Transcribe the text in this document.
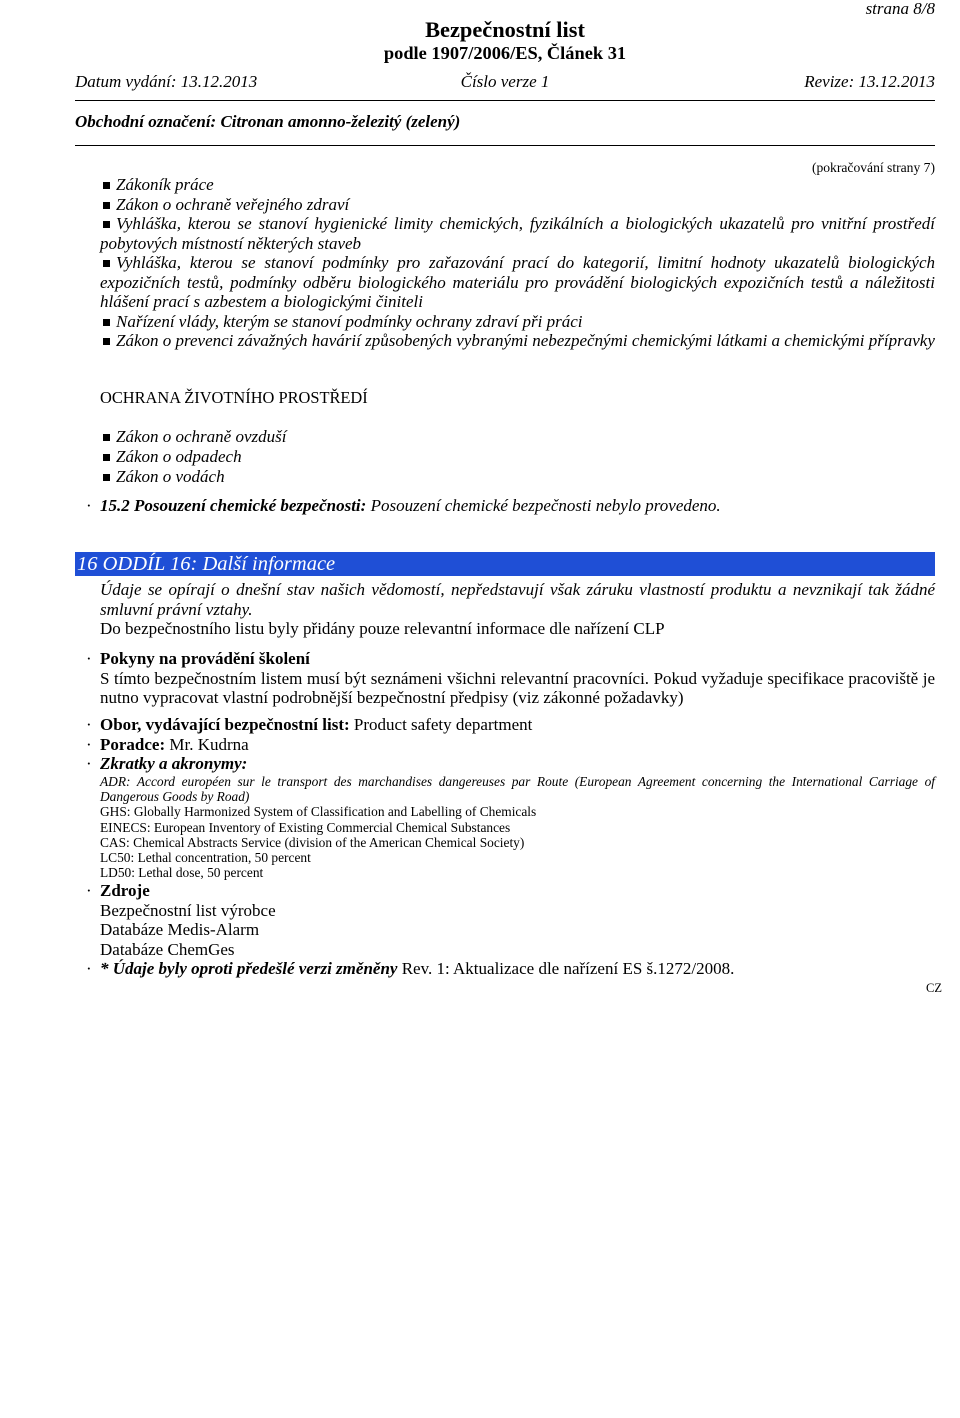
strana 8/8
Bezpečnostní list
podle 1907/2006/ES, Článek 31
Číslo verze 1
Datum vydání: 13.12.2013	Revize: 13.12.2013
Obchodní označení: Citronan amonno-železitý (zelený)
(pokračování strany 7)

Zákoník práce

Zákon o ochraně veřejného zdraví

Vyhláška, kterou se stanoví hygienické limity chemických, fyzikálních a biologických ukazatelů pro vnitřní prostředí pobytových místností některých staveb

Vyhláška, kterou se stanoví podmínky pro zařazování prací do kategorií, limitní hodnoty ukazatelů biologických expozičních testů, podmínky odběru biologického materiálu pro provádění biologických expozičních testů a náležitosti hlášení prací s azbestem a biologickými činiteli

Nařízení vlády, kterým se stanoví podmínky ochrany zdraví při práci

Zákon o prevenci závažných havárií způsobených vybranými nebezpečnými chemickými látkami a chemickými přípravky

OCHRANA ŽIVOTNÍHO PROSTŘEDÍ

Zákon o ochraně ovzduší

Zákon o odpadech

Zákon o vodách

· 15.2 Posouzení chemické bezpečnosti: Posouzení chemické bezpečnosti nebylo provedeno.

16 ODDÍL 16: Další informace

Údaje se opírají o dnešní stav našich vědomostí, nepředstavují však záruku vlastností produktu a nevznikají tak žádné smluvní právní vztahy.

Do bezpečnostního listu byly přidány pouze relevantní informace dle nařízení CLP

· Pokyny na provádění školení

S tímto bezpečnostním listem musí být seznámeni všichni relevantní pracovníci. Pokud vyžaduje specifikace pracoviště je nutno vypracovat vlastní podrobnější bezpečnostní předpisy (viz zákonné požadavky)

· Obor, vydávající bezpečnostní list: Product safety department

· Poradce: Mr. Kudrna

· Zkratky a akronymy:

ADR: Accord européen sur le transport des marchandises dangereuses par Route (European Agreement concerning the International Carriage of Dangerous Goods by Road)

GHS: Globally Harmonized System of Classification and Labelling of Chemicals

EINECS: European Inventory of Existing Commercial Chemical Substances

CAS: Chemical Abstracts Service (division of the American Chemical Society)

LC50: Lethal concentration, 50 percent

LD50: Lethal dose, 50 percent

· Zdroje

Bezpečnostní list výrobce

Databáze Medis-Alarm

Databáze ChemGes

· * Údaje byly oproti předešlé verzi změněny Rev. 1: Aktualizace dle nařízení ES š.1272/2008.

CZ
